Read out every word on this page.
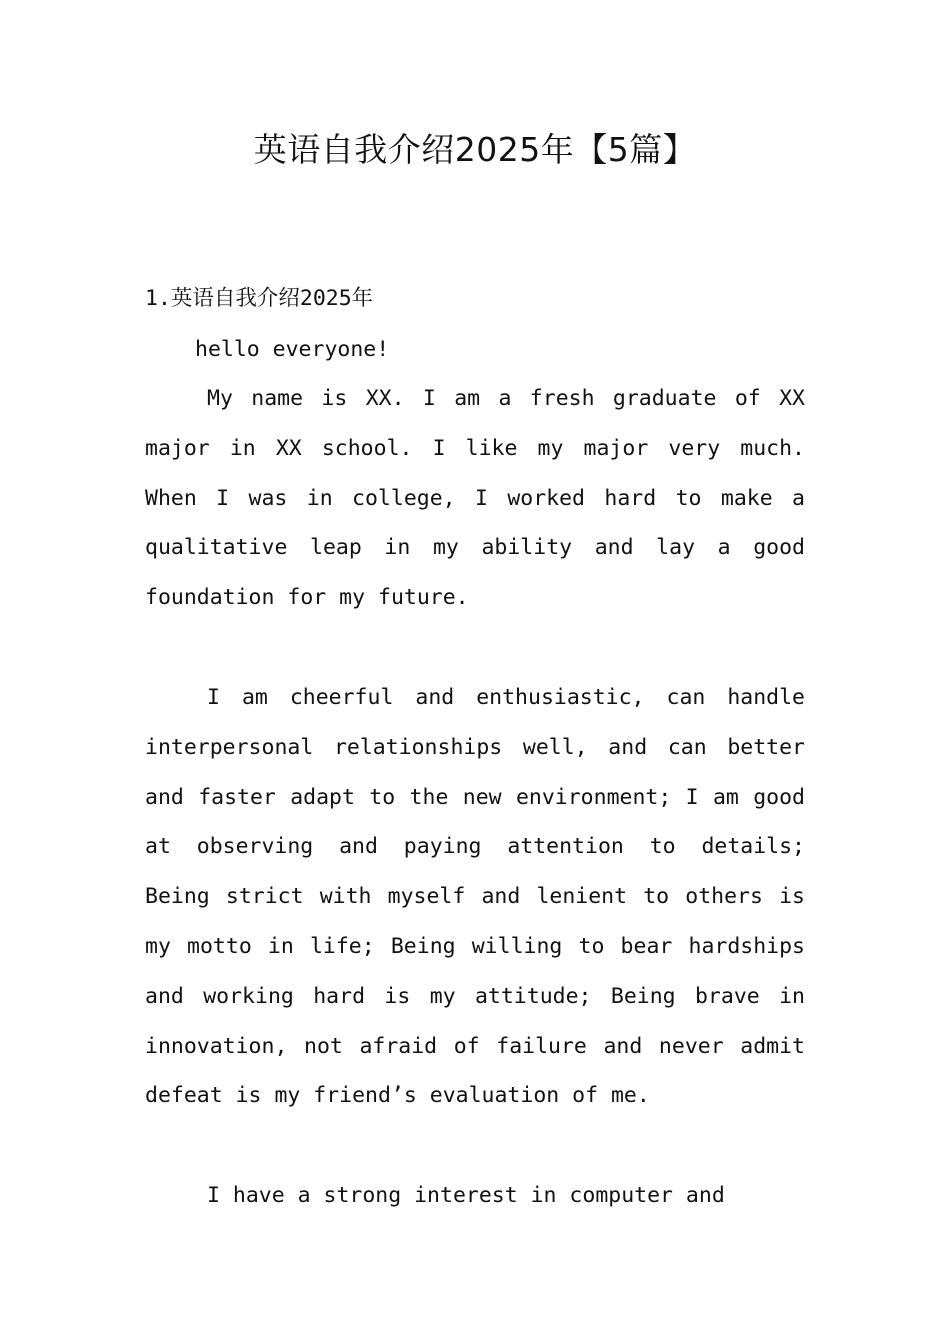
英语自我介绍2025年【5篇】

1.英语自我介绍2025年

hello everyone!

My name is XX. I am a fresh graduate of XX major in XX school. I like my major very much. When I was in college, I worked hard to make a qualitative leap in my ability and lay a good foundation for my future.

I am cheerful and enthusiastic, can handle interpersonal relationships well, and can better and faster adapt to the new environment; I am good at observing and paying attention to details; Being strict with myself and lenient to others is my motto in life; Being willing to bear hardships and working hard is my attitude; Being brave in innovation, not afraid of failure and never admit defeat is my friend’s evaluation of me.

I have a strong interest in computer and
